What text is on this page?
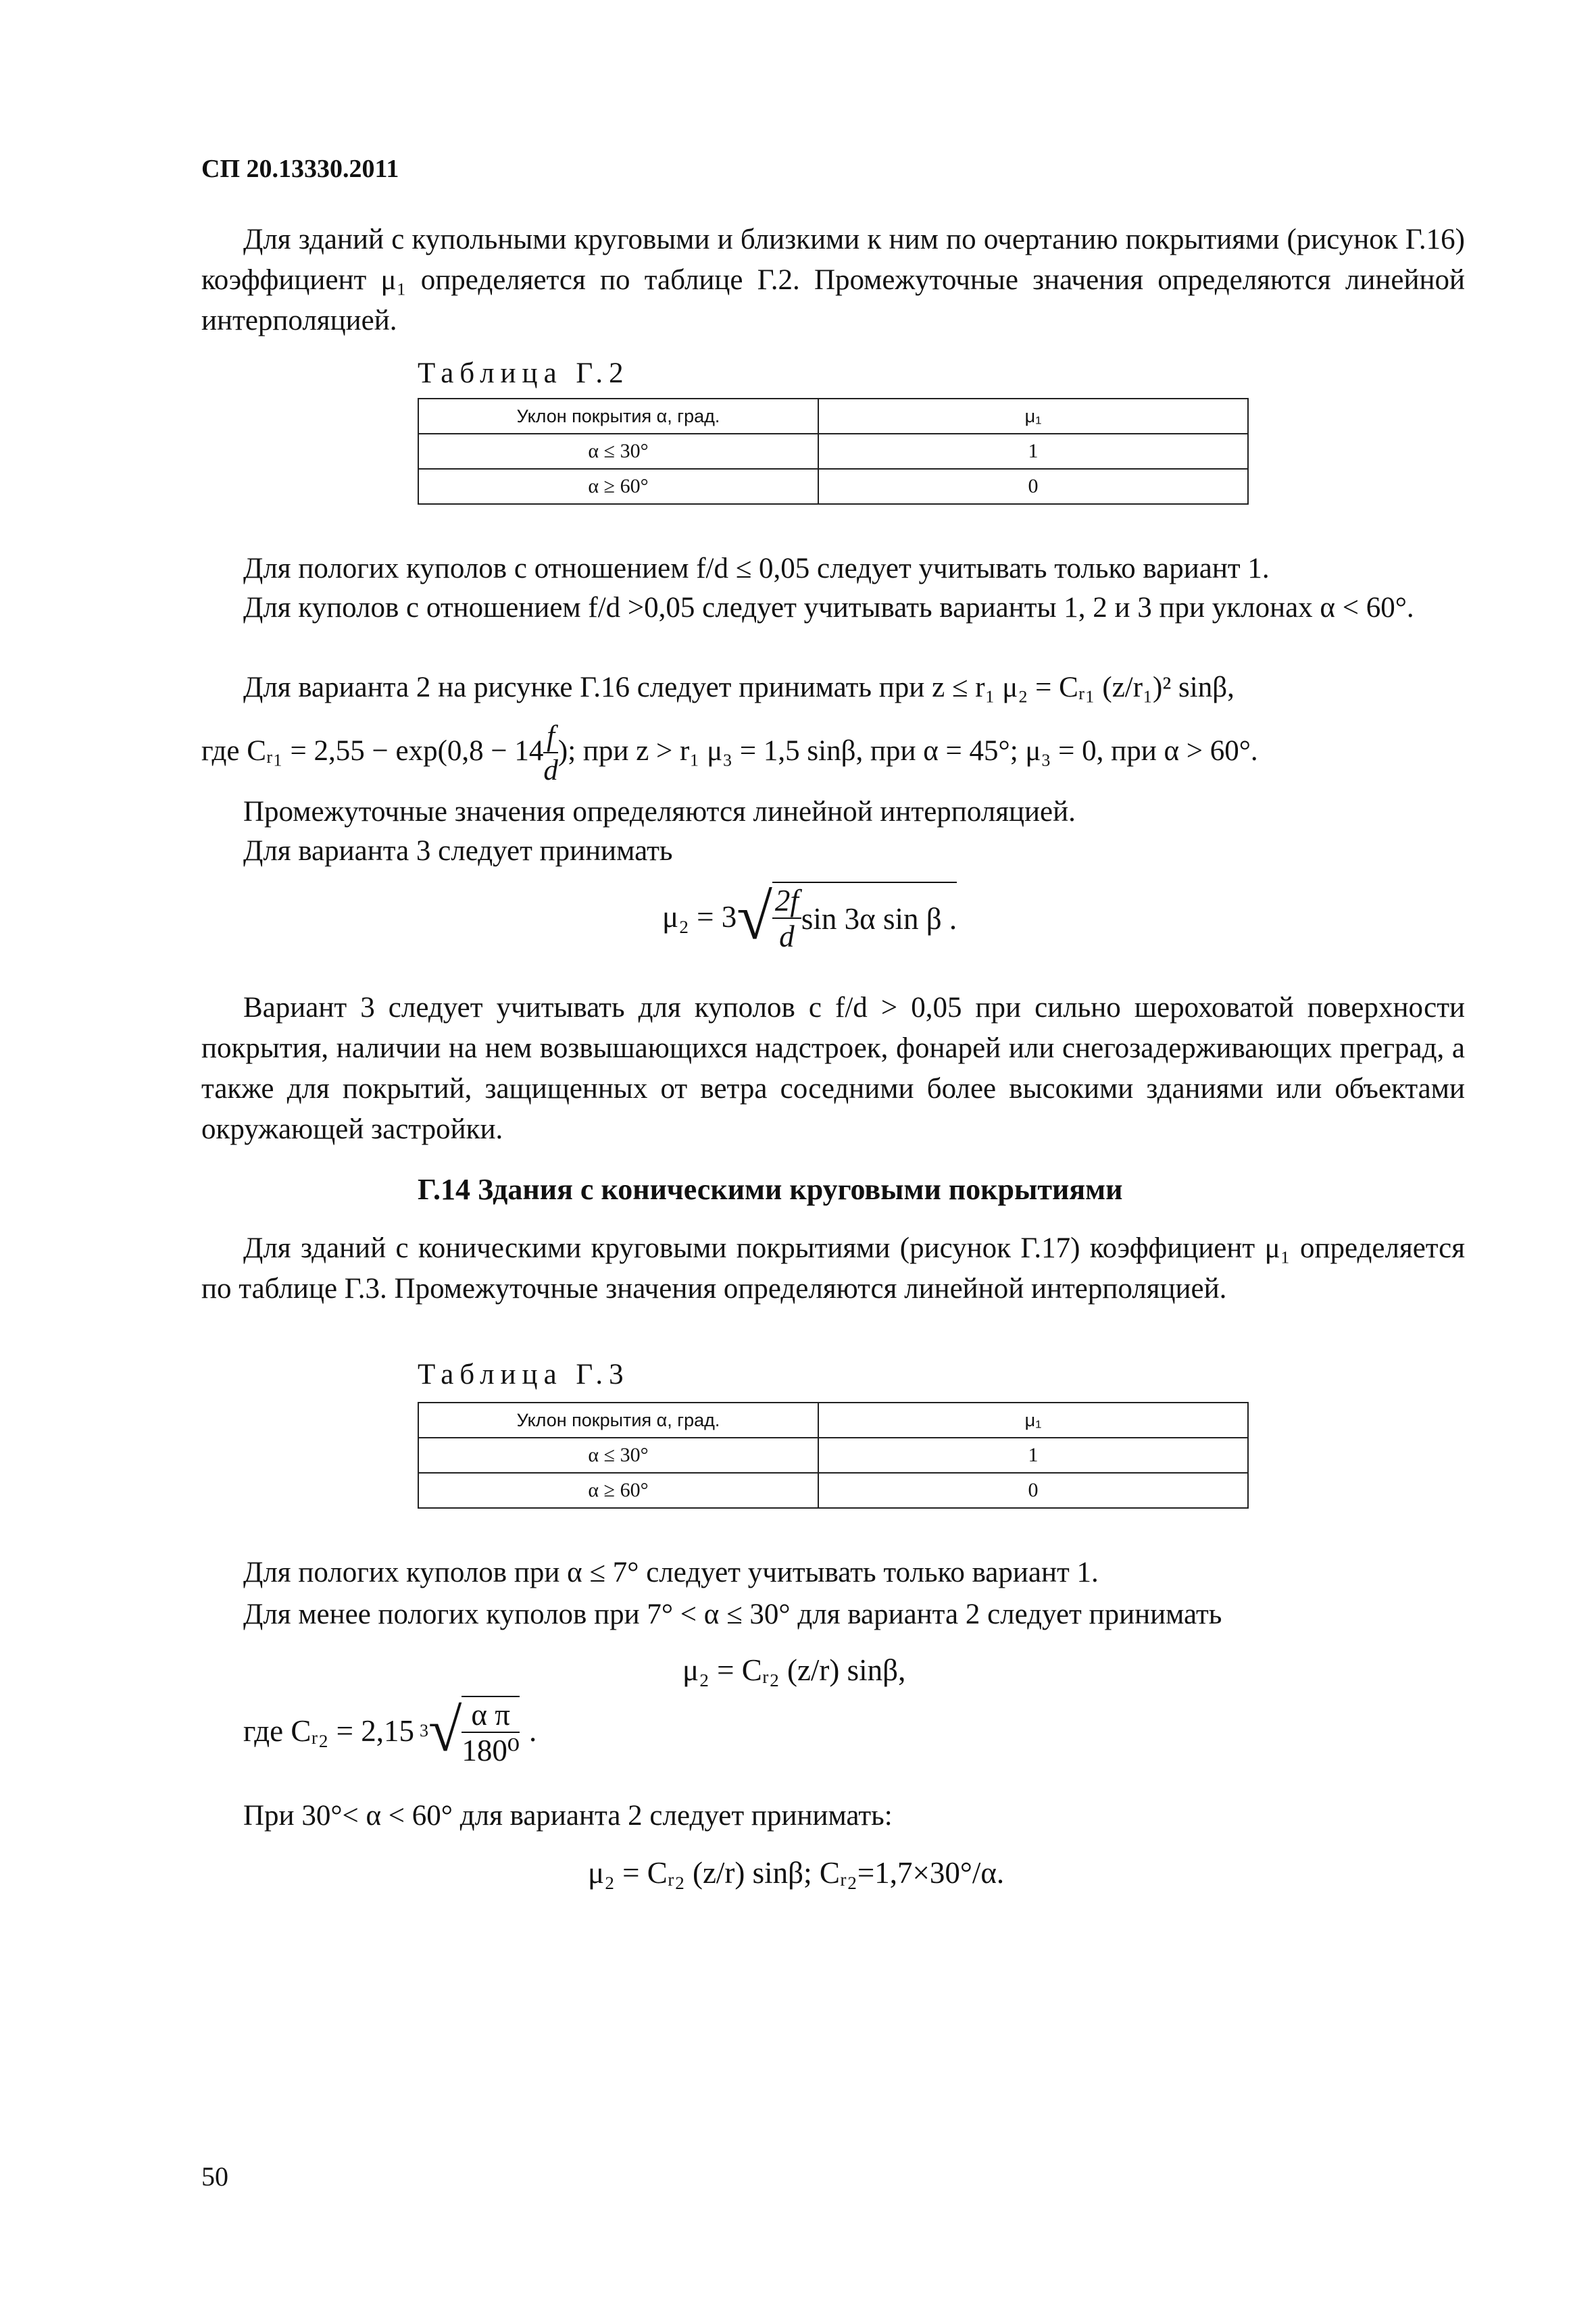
СП 20.13330.2011
Для зданий с купольными круговыми и близкими к ним по очертанию покрытиями (рисунок Г.16) коэффициент μ₁ определяется по таблице Г.2. Промежуточные значения определяются линейной интерполяцией.
Таблица Г.2
Уклон покрытия α, град.	μ₁
α ≤ 30°	1
α ≥ 60°	0
Для пологих куполов с отношением f/d ≤ 0,05 следует учитывать только вариант 1.
Для куполов с отношением f/d >0,05 следует учитывать варианты 1, 2 и 3 при уклонах α < 60°.
Для варианта 2 на рисунке Г.16 следует принимать при z ≤ r₁ μ₂ = Cᵣ₁ (z/r₁)² sinβ,
где Cᵣ₁ = $2,55 - \exp(0,8 - 14 \frac{f}{d}$ ); при z > r₁ μ₃ = 1,5 sinβ, при α = 45°; μ₃ = 0, при α > 60°.
Промежуточные значения определяются линейной интерполяцией.
Для варианта 3 следует принимать
$\mu_2 = 3√ \frac{2f}{d}$ sin 3α sin β .
Вариант 3 следует учитывать для куполов с f/d > 0,05 при сильно шероховатой поверхности покрытия, наличии на нем возвышающихся надстроек, фонарей или снегозадерживающих преград, а также для покрытий, защищенных от ветра соседними более высокими зданиями или объектами окружающей застройки.
Г.14 Здания с коническими круговыми покрытиями
Для зданий с коническими круговыми покрытиями (рисунок Г.17) коэффициент μ₁ определяется по таблице Г.3. Промежуточные значения определяются линейной интерполяцией.
Таблица Г.3
Уклон покрытия α, град.	μ₁
α ≤ 30°	1
α ≥ 60°	0
Для пологих куполов при α ≤ 7° следует учитывать только вариант 1.
Для менее пологих куполов при 7° < α ≤ 30° для варианта 2 следует принимать
μ₂ = Cᵣ₂ (z/r) sinβ,
где Cᵣ₂ = 2,15 $3√ \frac{\text{α π}}{\text{180⁰}}$ .
При 30°< α < 60° для варианта 2 следует принимать:
μ₂ = Cᵣ₂ (z/r) sinβ; Cᵣ₂=1,7×30°/α.
50
